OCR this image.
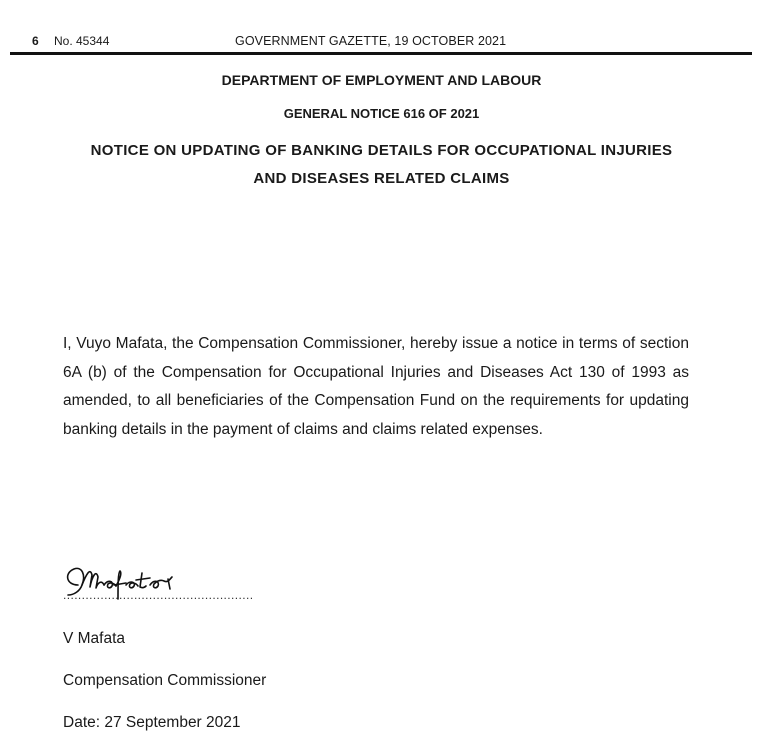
6 No. 45344	GOVERNMENT GAZETTE, 19 OCTOBER 2021
DEPARTMENT OF EMPLOYMENT AND LABOUR
GENERAL NOTICE 616 OF 2021
NOTICE ON UPDATING OF BANKING DETAILS FOR OCCUPATIONAL INJURIES
AND DISEASES RELATED CLAIMS
I, Vuyo Mafata, the Compensation Commissioner, hereby issue a notice in terms of section 6A (b) of the Compensation for Occupational Injuries and Diseases Act 130 of 1993 as amended, to all beneficiaries of the Compensation Fund on the requirements for updating banking details in the payment of claims and claims related expenses.
...................................................
V Mafata
Compensation Commissioner
Date: 27 September 2021
